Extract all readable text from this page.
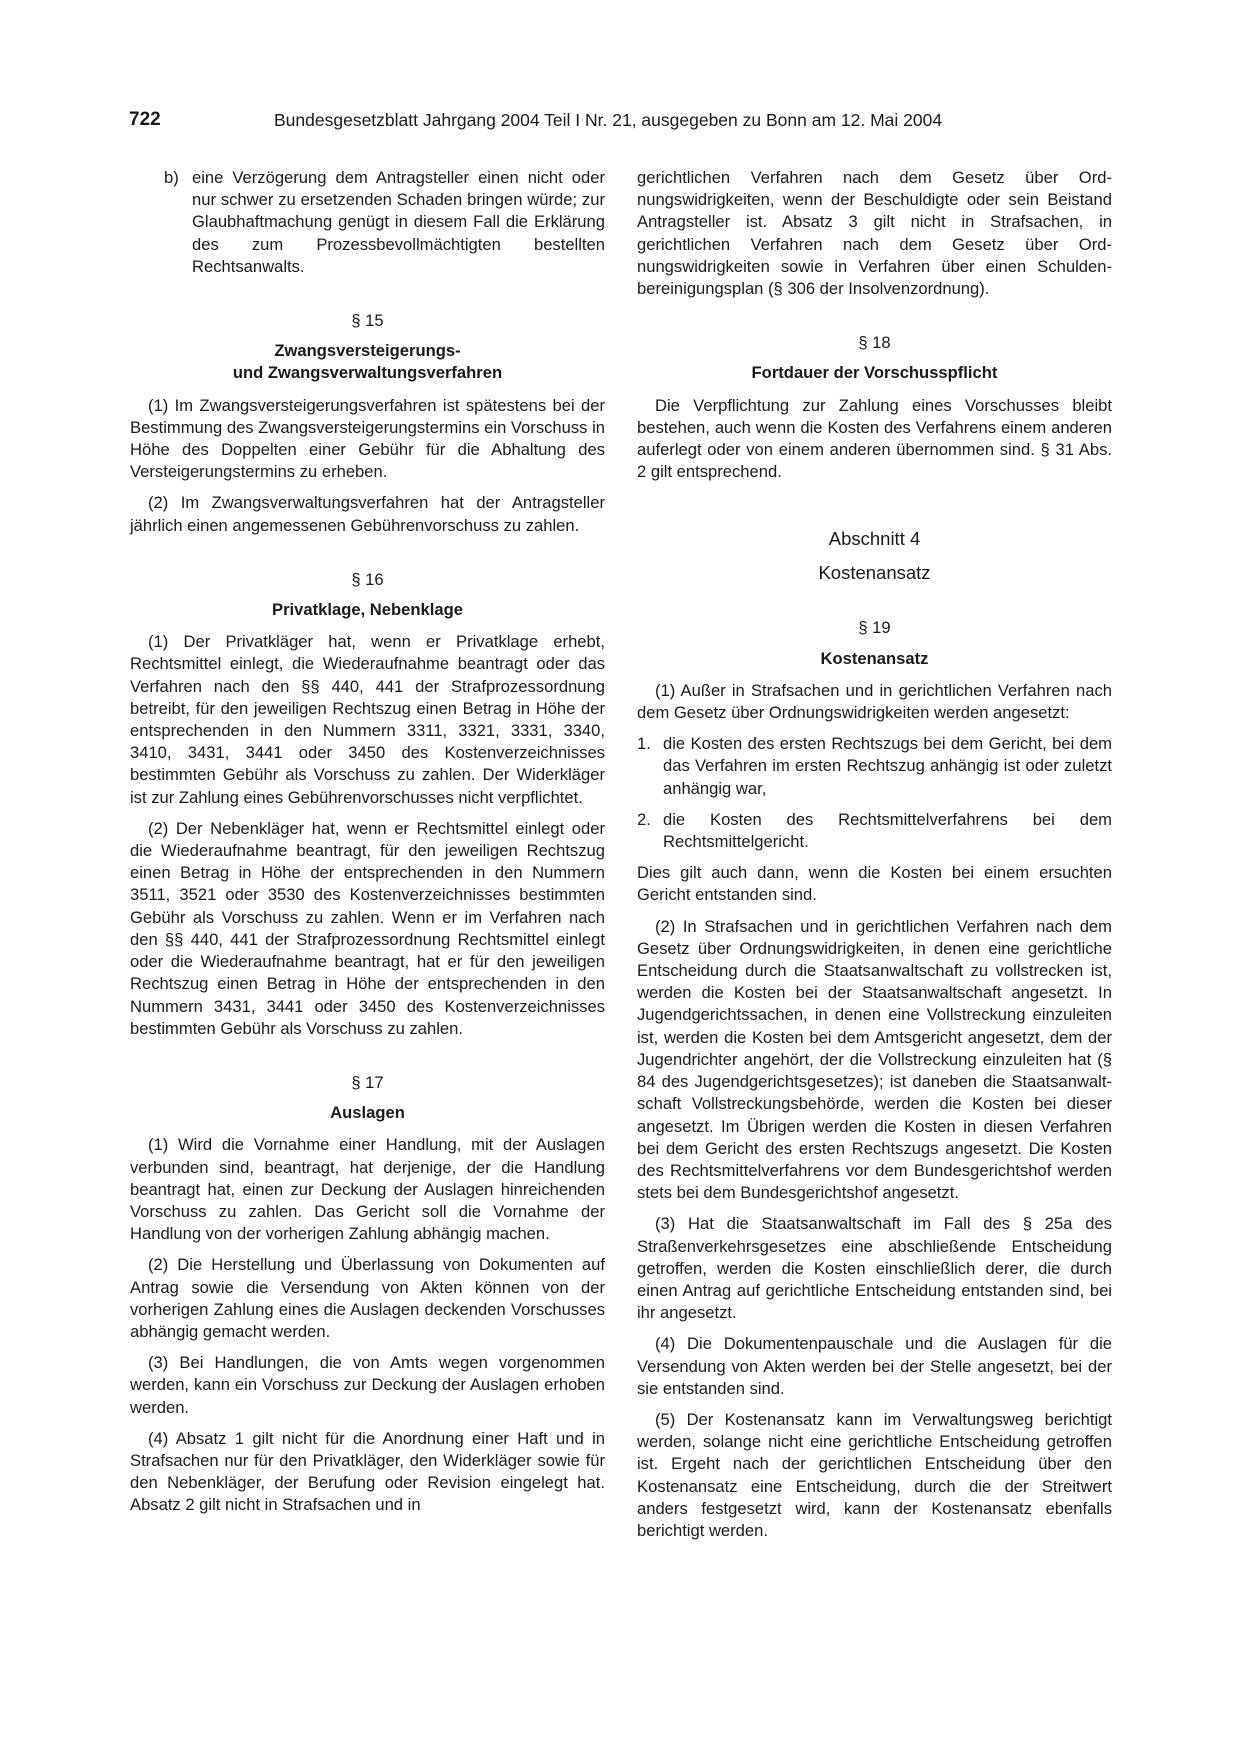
722	Bundesgesetzblatt Jahrgang 2004 Teil I Nr. 21, ausgegeben zu Bonn am 12. Mai 2004
b) eine Verzögerung dem Antragsteller einen nicht oder nur schwer zu ersetzenden Schaden bringen würde; zur Glaubhaftmachung genügt in diesem Fall die Erklärung des zum Prozessbevollmächtigten bestellten Rechtsanwalts.
§ 15
Zwangsversteigerungs-
und Zwangsverwaltungsverfahren

(1) Im Zwangsversteigerungsverfahren ist spätestens bei der Bestimmung des Zwangsversteigerungstermins ein Vorschuss in Höhe des Doppelten einer Gebühr für die Abhaltung des Versteigerungstermins zu erheben.

(2) Im Zwangsverwaltungsverfahren hat der Antragsteller jährlich einen angemessenen Gebührenvorschuss zu zahlen.

§ 16
Privatklage, Nebenklage

(1) Der Privatkläger hat, wenn er Privatklage erhebt, Rechtsmittel einlegt, die Wiederaufnahme beantragt oder das Verfahren nach den §§ 440, 441 der Strafprozessordnung betreibt, für den jeweiligen Rechtszug einen Betrag in Höhe der entsprechenden in den Nummern 3311, 3321, 3331, 3340, 3410, 3431, 3441 oder 3450 des Kostenverzeichnisses bestimmten Gebühr als Vorschuss zu zahlen. Der Widerkläger ist zur Zahlung eines Gebührenvorschusses nicht verpflichtet.

(2) Der Nebenkläger hat, wenn er Rechtsmittel einlegt oder die Wiederaufnahme beantragt, für den jeweiligen Rechtszug einen Betrag in Höhe der entsprechenden in den Nummern 3511, 3521 oder 3530 des Kostenverzeichnisses bestimmten Gebühr als Vorschuss zu zahlen. Wenn er im Verfahren nach den §§ 440, 441 der Strafprozessordnung Rechtsmittel einlegt oder die Wiederaufnahme beantragt, hat er für den jeweiligen Rechtszug einen Betrag in Höhe der entsprechenden in den Nummern 3431, 3441 oder 3450 des Kostenverzeichnisses bestimmten Gebühr als Vorschuss zu zahlen.

§ 17
Auslagen

(1) Wird die Vornahme einer Handlung, mit der Auslagen verbunden sind, beantragt, hat derjenige, der die Handlung beantragt hat, einen zur Deckung der Auslagen hinreichenden Vorschuss zu zahlen. Das Gericht soll die Vornahme der Handlung von der vorherigen Zahlung abhängig machen.

(2) Die Herstellung und Überlassung von Dokumenten auf Antrag sowie die Versendung von Akten können von der vorherigen Zahlung eines die Auslagen deckenden Vorschusses abhängig gemacht werden.

(3) Bei Handlungen, die von Amts wegen vorgenommen werden, kann ein Vorschuss zur Deckung der Auslagen erhoben werden.

(4) Absatz 1 gilt nicht für die Anordnung einer Haft und in Strafsachen nur für den Privatkläger, den Widerkläger sowie für den Nebenkläger, der Berufung oder Revision eingelegt hat. Absatz 2 gilt nicht in Strafsachen und in

gerichtlichen Verfahren nach dem Gesetz über Ordnungswidrigkeiten, wenn der Beschuldigte oder sein Beistand Antragsteller ist. Absatz 3 gilt nicht in Strafsachen, in gerichtlichen Verfahren nach dem Gesetz über Ordnungswidrigkeiten sowie in Verfahren über einen Schuldenbereinigungsplan (§ 306 der Insolvenzordnung).

§ 18
Fortdauer der Vorschusspflicht

Die Verpflichtung zur Zahlung eines Vorschusses bleibt bestehen, auch wenn die Kosten des Verfahrens einem anderen auferlegt oder von einem anderen übernommen sind. § 31 Abs. 2 gilt entsprechend.

Abschnitt 4
Kostenansatz
§ 19
Kostenansatz

(1) Außer in Strafsachen und in gerichtlichen Verfahren nach dem Gesetz über Ordnungswidrigkeiten werden angesetzt:

1. die Kosten des ersten Rechtszugs bei dem Gericht, bei dem das Verfahren im ersten Rechtszug anhängig ist oder zuletzt anhängig war,
2. die Kosten des Rechtsmittelverfahrens bei dem Rechtsmittelgericht.

Dies gilt auch dann, wenn die Kosten bei einem ersuchten Gericht entstanden sind.

(2) In Strafsachen und in gerichtlichen Verfahren nach dem Gesetz über Ordnungswidrigkeiten, in denen eine gerichtliche Entscheidung durch die Staatsanwaltschaft zu vollstrecken ist, werden die Kosten bei der Staatsanwaltschaft angesetzt. In Jugendgerichtssachen, in denen eine Vollstreckung einzuleiten ist, werden die Kosten bei dem Amtsgericht angesetzt, dem der Jugendrichter angehört, der die Vollstreckung einzuleiten hat (§ 84 des Jugendgerichtsgesetzes); ist daneben die Staatsanwaltschaft Vollstreckungsbehörde, werden die Kosten bei dieser angesetzt. Im Übrigen werden die Kosten in diesen Verfahren bei dem Gericht des ersten Rechtszugs angesetzt. Die Kosten des Rechtsmittelverfahrens vor dem Bundesgerichtshof werden stets bei dem Bundesgerichtshof angesetzt.

(3) Hat die Staatsanwaltschaft im Fall des § 25a des Straßenverkehrsgesetzes eine abschließende Entscheidung getroffen, werden die Kosten einschließlich derer, die durch einen Antrag auf gerichtliche Entscheidung entstanden sind, bei ihr angesetzt.

(4) Die Dokumentenpauschale und die Auslagen für die Versendung von Akten werden bei der Stelle angesetzt, bei der sie entstanden sind.

(5) Der Kostenansatz kann im Verwaltungsweg berichtigt werden, solange nicht eine gerichtliche Entscheidung getroffen ist. Ergeht nach der gerichtlichen Entscheidung über den Kostenansatz eine Entscheidung, durch die der Streitwert anders festgesetzt wird, kann der Kostenansatz ebenfalls berichtigt werden.
